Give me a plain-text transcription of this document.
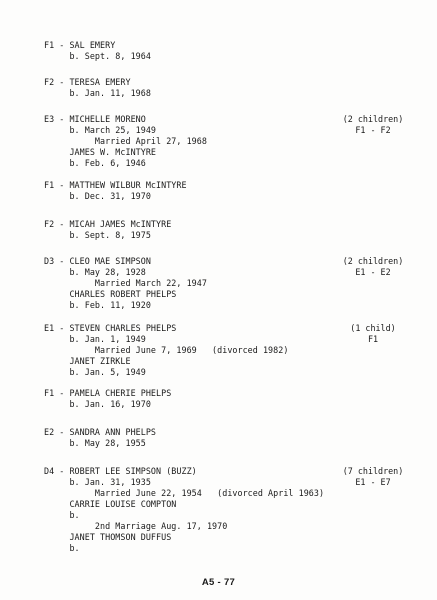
F1 - SAL EMERY
b. Sept. 8, 1964
F2 - TERESA EMERY
b. Jan. 11, 1968
E3 - MICHELLE MORENO
b. March 25, 1949
Married April 27, 1968
JAMES W. McINTYRE
b. Feb. 6, 1946
(2 children)
F1 - F2
F1 - MATTHEW WILBUR McINTYRE
b. Dec. 31, 1970
F2 - MICAH JAMES McINTYRE
b. Sept. 8, 1975
D3 - CLEO MAE SIMPSON
b. May 28, 1928
Married March 22, 1947
CHARLES ROBERT PHELPS
b. Feb. 11, 1920
(2 children)
E1 - E2
E1 - STEVEN CHARLES PHELPS
b. Jan. 1, 1949
Married June 7, 1969   (divorced 1982)
JANET ZIRKLE
b. Jan. 5, 1949
(1 child)
F1
F1 - PAMELA CHERIE PHELPS
b. Jan. 16, 1970
E2 - SANDRA ANN PHELPS
b. May 28, 1955
D4 - ROBERT LEE SIMPSON (BUZZ)
b. Jan. 31, 1935
Married June 22, 1954   (divorced April 1963)
CARRIE LOUISE COMPTON
b.
2nd Marriage Aug. 17, 1970
JANET THOMSON DUFFUS
b.
(7 children)
E1 - E7
A5 - 77
